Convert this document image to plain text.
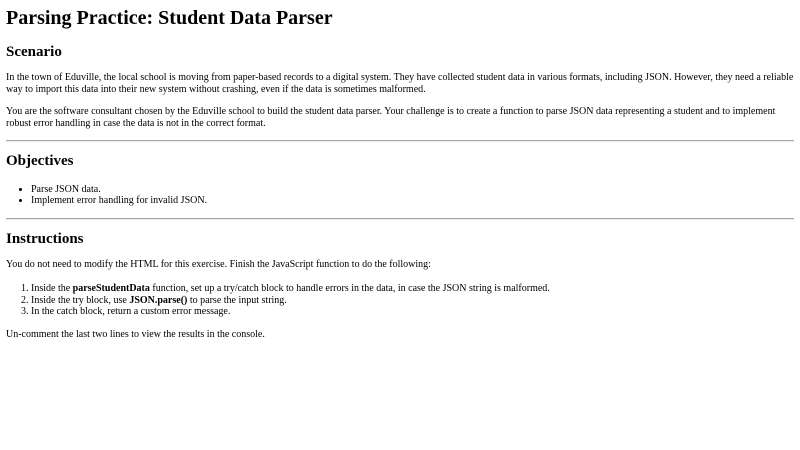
Parsing Practice: Student Data Parser
Scenario

In the town of Eduville, the local school is moving from paper-based records to a digital system. They have collected student data in various formats, including JSON. However, they need a reliable way to import this data into their new system without crashing, even if the data is sometimes malformed.

You are the software consultant chosen by the Eduville school to build the student data parser. Your challenge is to create a function to parse JSON data representing a student and to implement robust error handling in case the data is not in the correct format.

Objectives
• Parse JSON data.
• Implement error handling for invalid JSON.
Instructions

You do not need to modify the HTML for this exercise. Finish the JavaScript function to do the following:

1. Inside the parseStudentData function, set up a try/catch block to handle errors in the data, in case the JSON string is malformed.
2. Inside the try block, use JSON.parse() to parse the input string.
3. In the catch block, return a custom error message.

Un-comment the last two lines to view the results in the console.
